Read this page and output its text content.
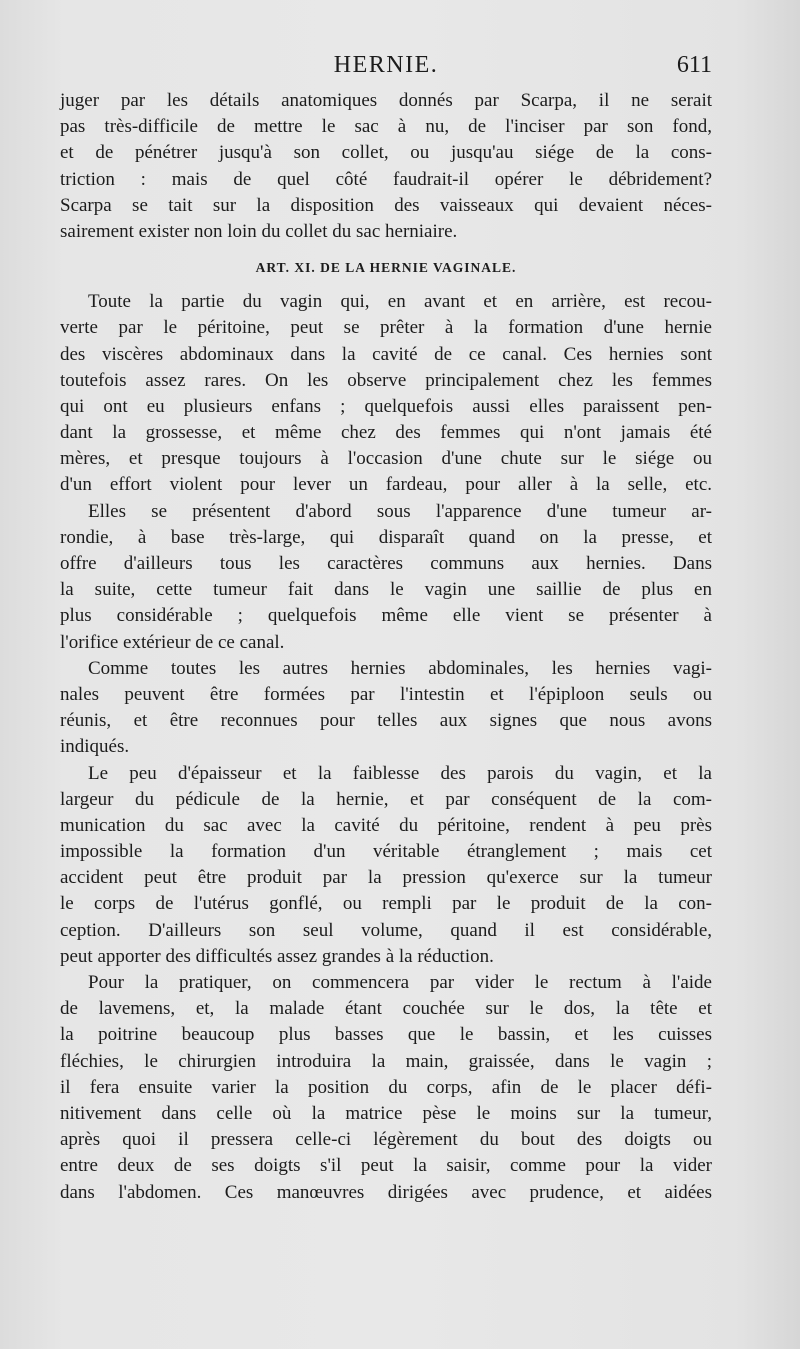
HERNIE.	611
juger par les détails anatomiques donnés par Scarpa, il ne serait
pas très-difficile de mettre le sac à nu, de l'inciser par son fond,
et de pénétrer jusqu'à son collet, ou jusqu'au siége de la cons-
triction : mais de quel côté faudrait-il opérer le débridement?
Scarpa se tait sur la disposition des vaisseaux qui devaient néces-
sairement exister non loin du collet du sac herniaire.
ART. XI. DE LA HERNIE VAGINALE.
Toute la partie du vagin qui, en avant et en arrière, est recou-
verte par le péritoine, peut se prêter à la formation d'une hernie
des viscères abdominaux dans la cavité de ce canal. Ces hernies sont
toutefois assez rares. On les observe principalement chez les femmes
qui ont eu plusieurs enfans ; quelquefois aussi elles paraissent pen-
dant la grossesse, et même chez des femmes qui n'ont jamais été
mères, et presque toujours à l'occasion d'une chute sur le siége ou
d'un effort violent pour lever un fardeau, pour aller à la selle, etc.
Elles se présentent d'abord sous l'apparence d'une tumeur ar-
rondie, à base très-large, qui disparaît quand on la presse, et
offre d'ailleurs tous les caractères communs aux hernies. Dans
la suite, cette tumeur fait dans le vagin une saillie de plus en
plus considérable ; quelquefois même elle vient se présenter à
l'orifice extérieur de ce canal.
Comme toutes les autres hernies abdominales, les hernies vagi-
nales peuvent être formées par l'intestin et l'épiploon seuls ou
réunis, et être reconnues pour telles aux signes que nous avons
indiqués.
Le peu d'épaisseur et la faiblesse des parois du vagin, et la
largeur du pédicule de la hernie, et par conséquent de la com-
munication du sac avec la cavité du péritoine, rendent à peu près
impossible la formation d'un véritable étranglement ; mais cet
accident peut être produit par la pression qu'exerce sur la tumeur
le corps de l'utérus gonflé, ou rempli par le produit de la con-
ception. D'ailleurs son seul volume, quand il est considérable,
peut apporter des difficultés assez grandes à la réduction.
Pour la pratiquer, on commencera par vider le rectum à l'aide
de lavemens, et, la malade étant couchée sur le dos, la tête et
la poitrine beaucoup plus basses que le bassin, et les cuisses
fléchies, le chirurgien introduira la main, graissée, dans le vagin ;
il fera ensuite varier la position du corps, afin de le placer défi-
nitivement dans celle où la matrice pèse le moins sur la tumeur,
après quoi il pressera celle-ci légèrement du bout des doigts ou
entre deux de ses doigts s'il peut la saisir, comme pour la vider
dans l'abdomen. Ces manœuvres dirigées avec prudence, et aidées
